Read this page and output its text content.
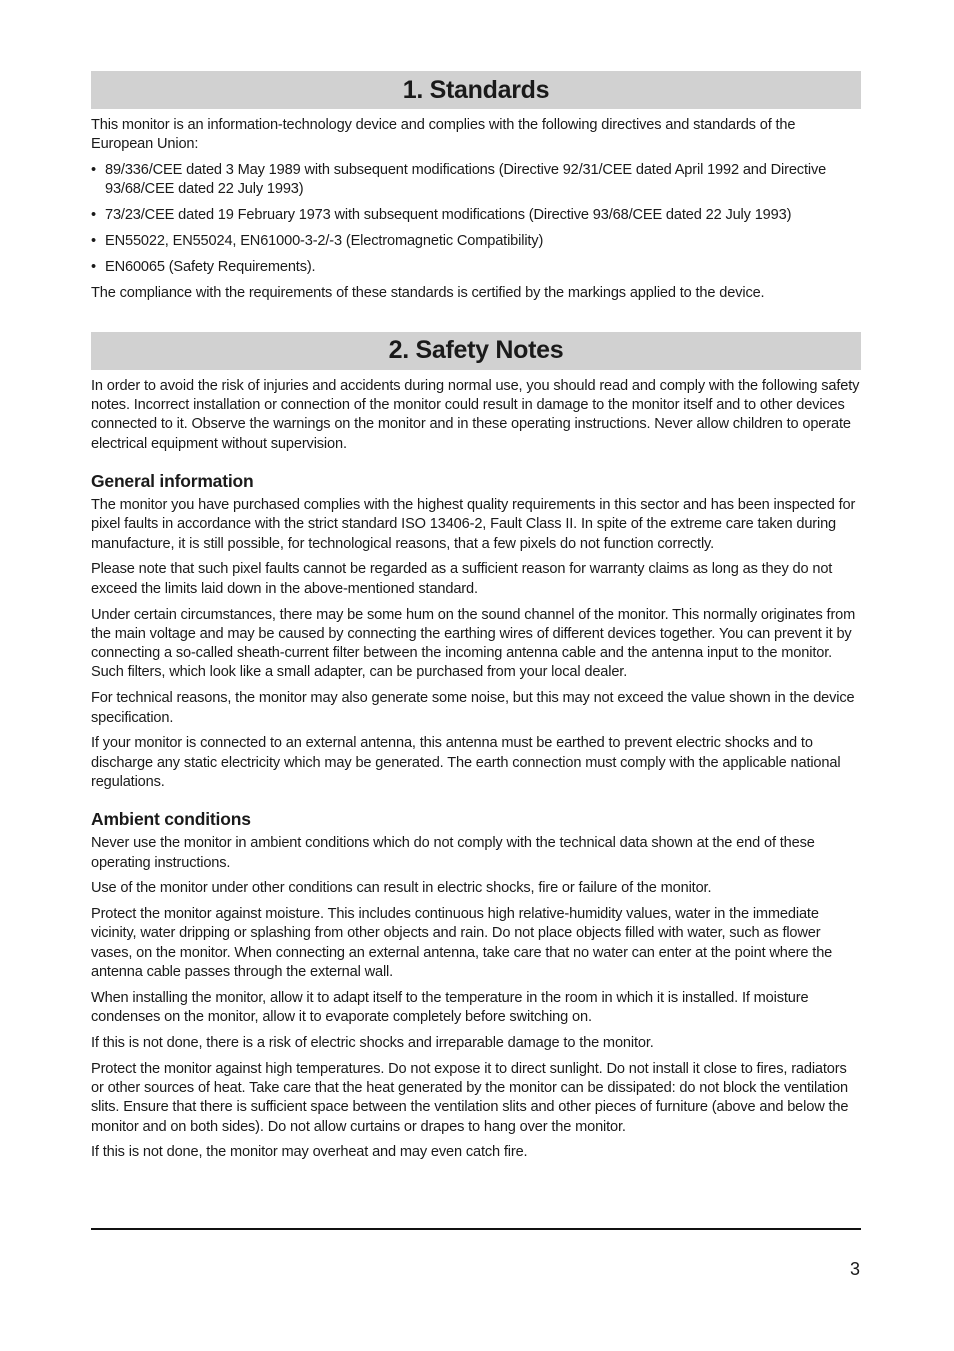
1. Standards

This monitor is an information-technology device and complies with the following directives and standards of the European Union:

• 89/336/CEE dated 3 May 1989 with subsequent modifications (Directive 92/31/CEE dated April 1992 and Directive 93/68/CEE dated 22 July 1993)
• 73/23/CEE dated 19 February 1973 with subsequent modifications (Directive 93/68/CEE dated 22 July 1993)
• EN55022, EN55024, EN61000-3-2/-3 (Electromagnetic Compatibility)
• EN60065 (Safety Requirements).

The compliance with the requirements of these standards is certified by the markings applied to the device.

2. Safety Notes

In order to avoid the risk of injuries and accidents during normal use, you should read and comply with the following safety notes. Incorrect installation or connection of the monitor could result in damage to the monitor itself and to other devices connected to it. Observe the warnings on the monitor and in these operating instructions. Never allow children to operate electrical equipment without supervision.

General information

The monitor you have purchased complies with the highest quality requirements in this sector and has been inspected for pixel faults in accordance with the strict standard ISO 13406-2, Fault Class II. In spite of the extreme care taken during manufacture, it is still possible, for technological reasons, that a few pixels do not function correctly.

Please note that such pixel faults cannot be regarded as a sufficient reason for warranty claims as long as they do not exceed the limits laid down in the above-mentioned standard.

Under certain circumstances, there may be some hum on the sound channel of the monitor. This normally originates from the main voltage and may be caused by connecting the earthing wires of different devices together. You can prevent it by connecting a so-called sheath-current filter between the incoming antenna cable and the antenna input to the monitor. Such filters, which look like a small adapter, can be purchased from your local dealer.

For technical reasons, the monitor may also generate some noise, but this may not exceed the value shown in the device specification.

If your monitor is connected to an external antenna, this antenna must be earthed to prevent electric shocks and to discharge any static electricity which may be generated. The earth connection must comply with the applicable national regulations.

Ambient conditions

Never use the monitor in ambient conditions which do not comply with the technical data shown at the end of these operating instructions.

Use of the monitor under other conditions can result in electric shocks, fire or failure of the monitor.

Protect the monitor against moisture. This includes continuous high relative-humidity values, water in the immediate vicinity, water dripping or splashing from other objects and rain. Do not place objects filled with water, such as flower vases, on the monitor. When connecting an external antenna, take care that no water can enter at the point where the antenna cable passes through the external wall.

When installing the monitor, allow it to adapt itself to the temperature in the room in which it is installed. If moisture condenses on the monitor, allow it to evaporate completely before switching on.

If this is not done, there is a risk of electric shocks and irreparable damage to the monitor.

Protect the monitor against high temperatures. Do not expose it to direct sunlight. Do not install it close to fires, radiators or other sources of heat. Take care that the heat generated by the monitor can be dissipated: do not block the ventilation slits. Ensure that there is sufficient space between the ventilation slits and other pieces of furniture (above and below the monitor and on both sides). Do not allow curtains or drapes to hang over the monitor.

If this is not done, the monitor may overheat and may even catch fire.

3
